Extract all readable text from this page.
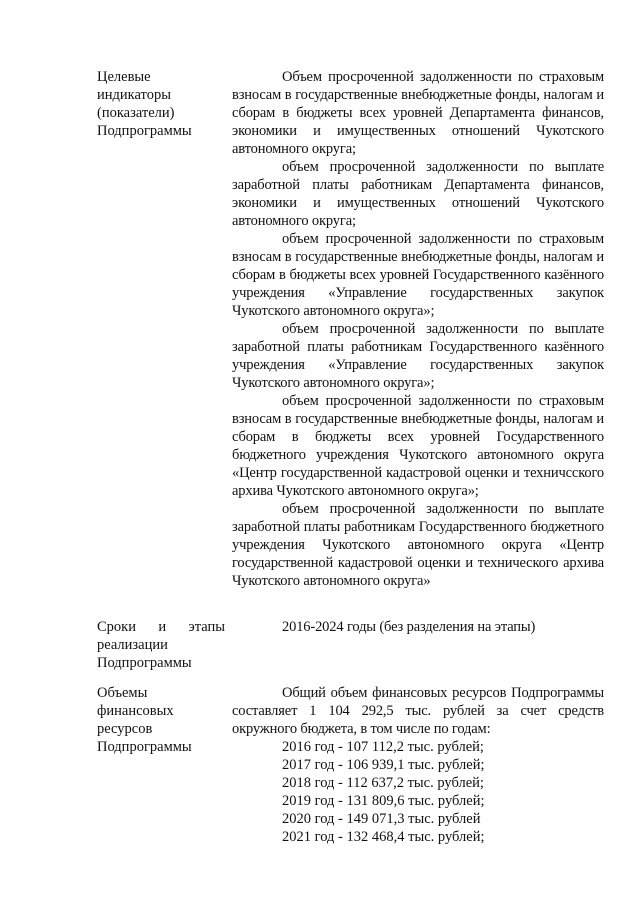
Целевые индикаторы (показатели) Подпрограммы

Объем просроченной задолженности по страховым взносам в государственные внебюджетные фонды, налогам и сборам в бюджеты всех уровней Департамента финансов, экономики и имущественных отношений Чукотского автономного округа;

объем просроченной задолженности по выплате заработной платы работникам Департамента финансов, экономики и имущественных отношений Чукотского автономного округа;

объем просроченной задолженности по страховым взносам в государственные внебюджетные фонды, налогам и сборам в бюджеты всех уровней Государственного казённого учреждения «Управление государственных закупок Чукотского автономного округа»;

объем просроченной задолженности по выплате заработной платы работникам Государственного казённого учреждения «Управление государственных закупок Чукотского автономного округа»;

объем просроченной задолженности по страховым взносам в государственные внебюджетные фонды, налогам и сборам в бюджеты всех уровней Государственного бюджетного учреждения Чукотского автономного округа «Центр государственной кадастровой оценки и техничсского архива Чукотского автономного округа»;

объем просроченной задолженности по выплате заработной платы работникам Государственного бюджетного учреждения Чукотского автономного округа «Центр государственной кадастровой оценки и технического архива Чукотского автономного округа»

Сроки и этапы реализации Подпрограммы

2016-2024 годы (без разделения на этапы)

Объемы финансовых ресурсов Подпрограммы

Общий объем финансовых ресурсов Подпрограммы составляет 1 104 292,5 тыс. рублей за счет средств окружного бюджета, в том числе по годам:

2016 год - 107 112,2 тыс. рублей;
2017 год - 106 939,1 тыс. рублей;
2018 год - 112 637,2 тыс. рублей;
2019 год - 131 809,6 тыс. рублей;
2020 год - 149 071,3 тыс. рублей
2021 год - 132 468,4 тыс. рублей;
